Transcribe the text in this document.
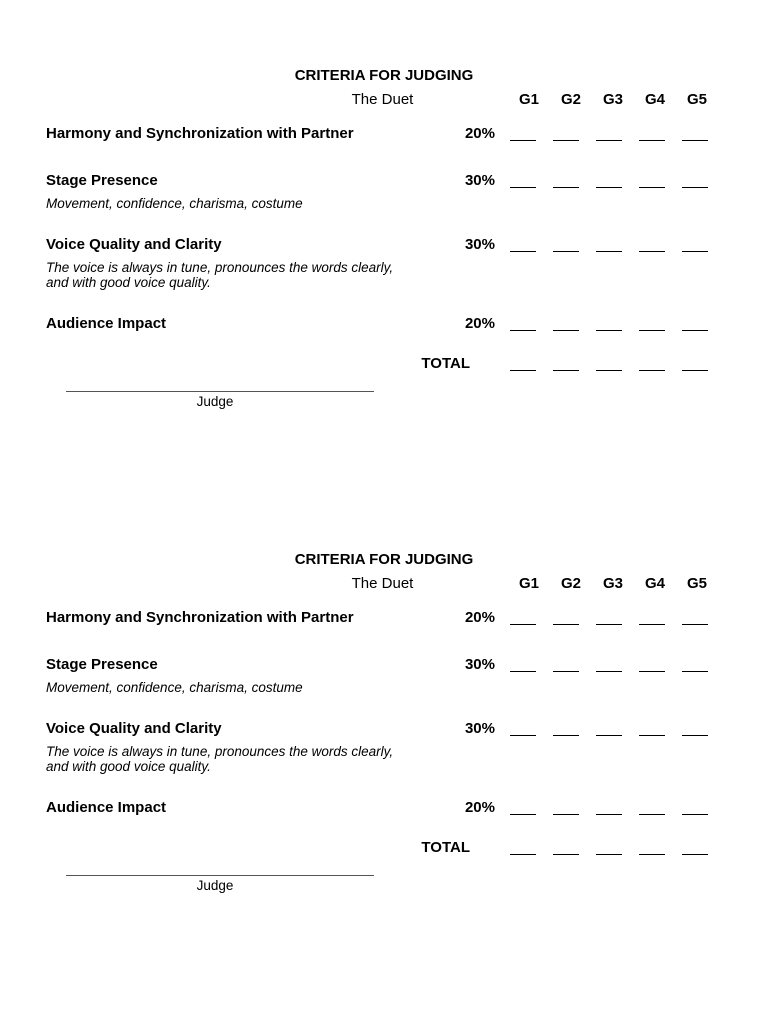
CRITERIA FOR JUDGING
The Duet	G1	G2	G3	G4	G5
Harmony and Synchronization with Partner	20%
Stage Presence	30%
Movement, confidence, charisma, costume
Voice Quality and Clarity	30%
The voice is always in tune, pronounces the words clearly,
and with good voice quality.
Audience Impact	20%
TOTAL
Judge
CRITERIA FOR JUDGING
The Duet	G1	G2	G3	G4	G5
Harmony and Synchronization with Partner	20%
Stage Presence	30%
Movement, confidence, charisma, costume
Voice Quality and Clarity	30%
The voice is always in tune, pronounces the words clearly,
and with good voice quality.
Audience Impact	20%
TOTAL
Judge
